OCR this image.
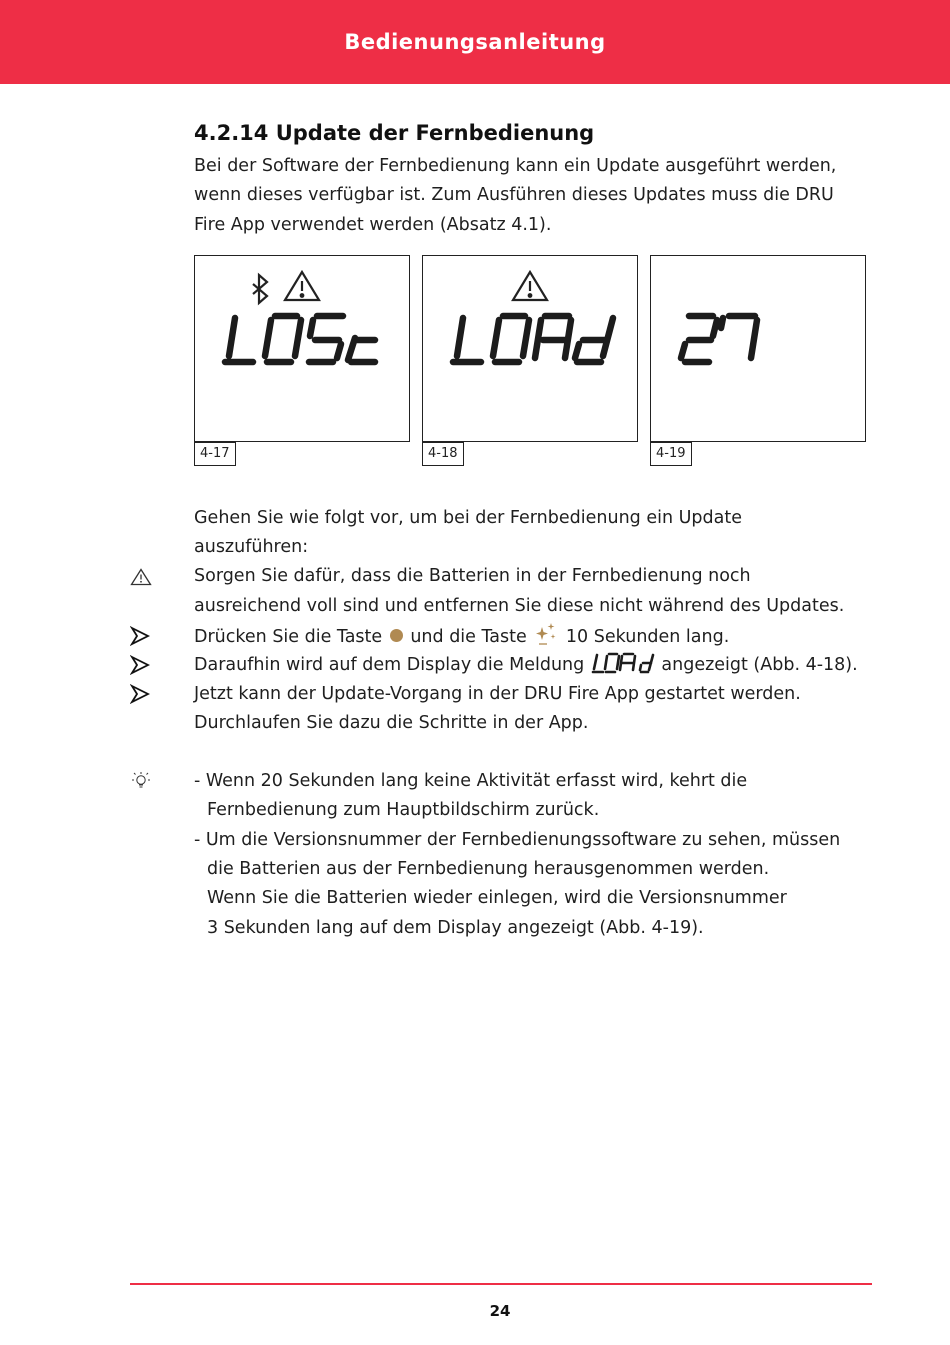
Bedienungsanleitung
4.2.14 Update der Fernbedienung

Bei der Software der Fernbedienung kann ein Update ausgeführt werden,

wenn dieses verfügbar ist. Zum Ausführen dieses Updates muss die DRU

Fire App verwendet werden (Absatz 4.1).

4-17	4-18	4-19

Gehen Sie wie folgt vor, um bei der Fernbedienung ein Update

auszuführen:

Sorgen Sie dafür, dass die Batterien in der Fernbedienung noch
ausreichend voll sind und entfernen Sie diese nicht während des Updates.
Drücken Sie die Taste und die Taste 10 Sekunden lang.
Daraufhin wird auf dem Display die Meldung	angezeigt (Abb. 4-18).
Jetzt kann der Update-Vorgang in der DRU Fire App gestartet werden.
Durchlaufen Sie dazu die Schritte in der App.
- Wenn 20 Sekunden lang keine Aktivität erfasst wird, kehrt die
Fernbedienung zum Hauptbildschirm zurück.
- Um die Versionsnummer der Fernbedienungssoftware zu sehen, müssen
die Batterien aus der Fernbedienung herausgenommen werden.
Wenn Sie die Batterien wieder einlegen, wird die Versionsnummer
3 Sekunden lang auf dem Display angezeigt (Abb. 4-19).
24
